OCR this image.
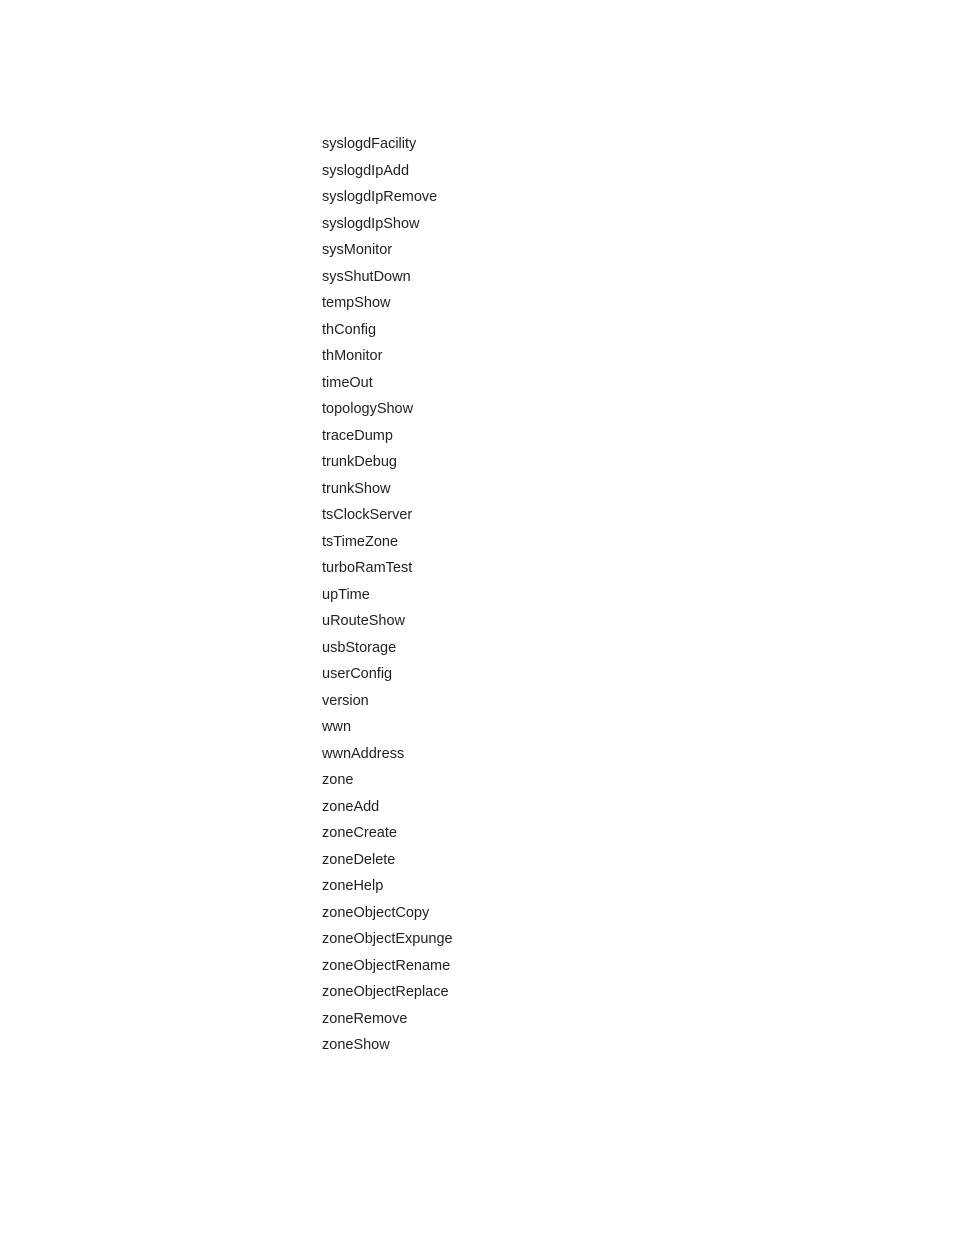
syslogdFacility
syslogdIpAdd
syslogdIpRemove
syslogdIpShow
sysMonitor
sysShutDown
tempShow
thConfig
thMonitor
timeOut
topologyShow
traceDump
trunkDebug
trunkShow
tsClockServer
tsTimeZone
turboRamTest
upTime
uRouteShow
usbStorage
userConfig
version
wwn
wwnAddress
zone
zoneAdd
zoneCreate
zoneDelete
zoneHelp
zoneObjectCopy
zoneObjectExpunge
zoneObjectRename
zoneObjectReplace
zoneRemove
zoneShow
